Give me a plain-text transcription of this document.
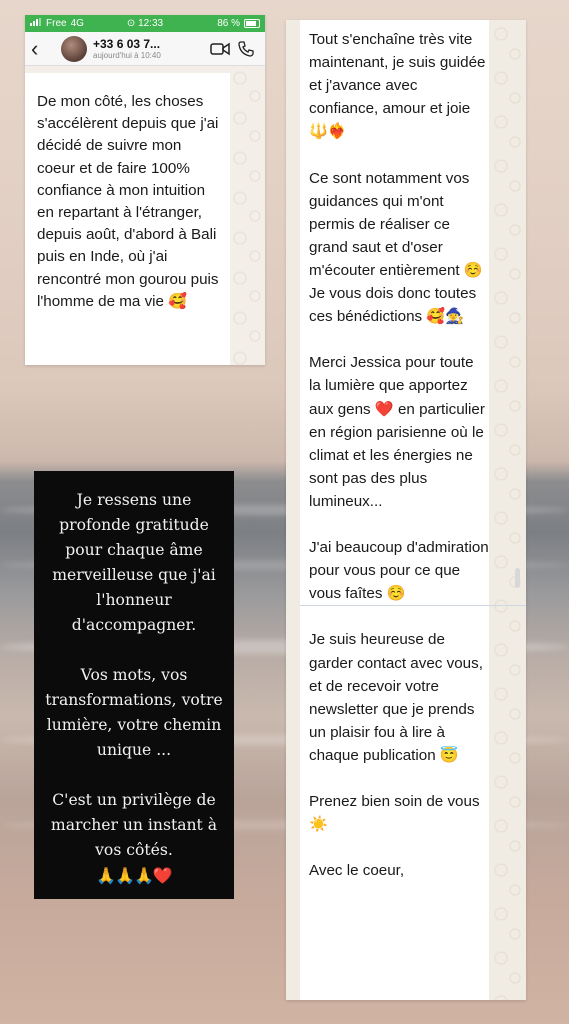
Free 4G	⊙ 12:33	86 %
‹	+33 6 03 7...
aujourd'hui à 10:40
De mon côté, les choses s'accélèrent depuis que j'ai décidé de suivre mon coeur et de faire 100% confiance à mon intuition en repartant à l'étranger, depuis août, d'abord à Bali puis en Inde, où j'ai rencontré mon gourou puis l'homme de ma vie 🥰

Je ressens une profonde gratitude pour chaque âme merveilleuse que j'ai l'honneur d'accompagner.

Vos mots, vos transformations, votre lumière, votre chemin unique ...

C'est un privilège de marcher un instant à vos côtés.

🙏🙏🙏❤️

Tout s'enchaîne très vite maintenant, je suis guidée et j'avance avec confiance, amour et joie 🔱❤️‍🔥

Ce sont notamment vos guidances qui m'ont permis de réaliser ce grand saut et d'oser m'écouter entièrement ☺️

Je vous dois donc toutes ces bénédictions 🥰🧙‍♀️

Merci Jessica pour toute la lumière que apportez aux gens ❤️ en particulier en région parisienne où le climat et les énergies ne sont pas des plus lumineux...

J'ai beaucoup d'admiration pour vous pour ce que vous faîtes ☺️

Je suis heureuse de garder contact avec vous, et de recevoir votre newsletter que je prends un plaisir fou à lire à chaque publication 😇

Prenez bien soin de vous ☀️

Avec le coeur,
